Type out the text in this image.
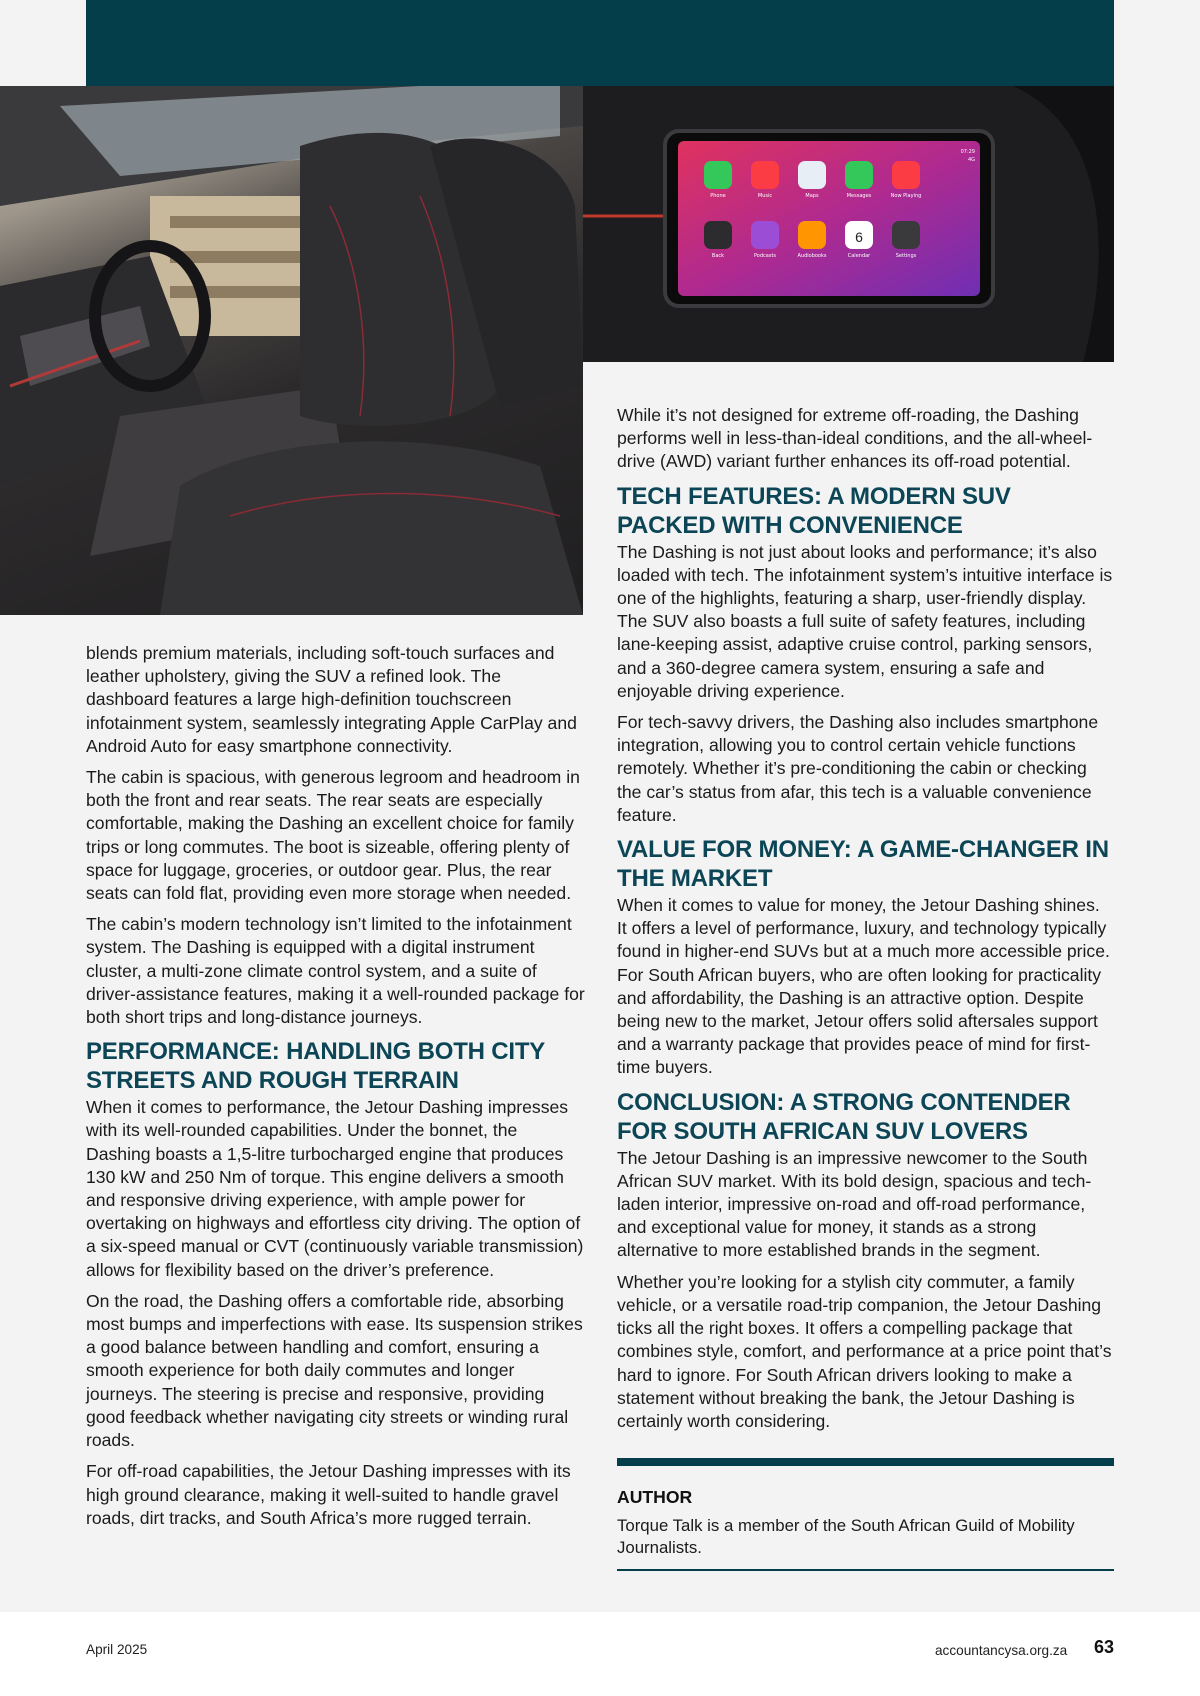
Phone	Music	Maps	Messages	Now Playing
Back	Podcasts	Audiobooks	Calendar	Settings
6
07:29
4G

blends premium materials, including soft-touch surfaces and leather upholstery, giving the SUV a refined look. The dashboard features a large high-definition touchscreen infotainment system, seamlessly integrating Apple CarPlay and Android Auto for easy smartphone connectivity.

The cabin is spacious, with generous legroom and headroom in both the front and rear seats. The rear seats are especially comfortable, making the Dashing an excellent choice for family trips or long commutes. The boot is sizeable, offering plenty of space for luggage, groceries, or outdoor gear. Plus, the rear seats can fold flat, providing even more storage when needed.

The cabin’s modern technology isn’t limited to the infotainment system. The Dashing is equipped with a digital instrument cluster, a multi-zone climate control system, and a suite of driver-assistance features, making it a well-rounded package for both short trips and long-distance journeys.

PERFORMANCE: HANDLING BOTH CITY STREETS AND ROUGH TERRAIN

When it comes to performance, the Jetour Dashing impresses with its well-rounded capabilities. Under the bonnet, the Dashing boasts a 1,5-litre turbocharged engine that produces 130 kW and 250 Nm of torque. This engine delivers a smooth and responsive driving experience, with ample power for overtaking on highways and effortless city driving. The option of a six-speed manual or CVT (continuously variable transmission) allows for flexibility based on the driver’s preference.

On the road, the Dashing offers a comfortable ride, absorbing most bumps and imperfections with ease. Its suspension strikes a good balance between handling and comfort, ensuring a smooth experience for both daily commutes and longer journeys. The steering is precise and responsive, providing good feedback whether navigating city streets or winding rural roads.

For off-road capabilities, the Jetour Dashing impresses with its high ground clearance, making it well-suited to handle gravel roads, dirt tracks, and South Africa’s more rugged terrain.

While it’s not designed for extreme off-roading, the Dashing performs well in less-than-ideal conditions, and the all-wheel-drive (AWD) variant further enhances its off-road potential.

TECH FEATURES: A MODERN SUV PACKED WITH CONVENIENCE

The Dashing is not just about looks and performance; it’s also loaded with tech. The infotainment system’s intuitive interface is one of the highlights, featuring a sharp, user-friendly display. The SUV also boasts a full suite of safety features, including lane-keeping assist, adaptive cruise control, parking sensors, and a 360-degree camera system, ensuring a safe and enjoyable driving experience.

For tech-savvy drivers, the Dashing also includes smartphone integration, allowing you to control certain vehicle functions remotely. Whether it’s pre-conditioning the cabin or checking the car’s status from afar, this tech is a valuable convenience feature.

VALUE FOR MONEY: A GAME-CHANGER IN THE MARKET

When it comes to value for money, the Jetour Dashing shines. It offers a level of performance, luxury, and technology typically found in higher-end SUVs but at a much more accessible price. For South African buyers, who are often looking for practicality and affordability, the Dashing is an attractive option. Despite being new to the market, Jetour offers solid aftersales support and a warranty package that provides peace of mind for first-time buyers.

CONCLUSION: A STRONG CONTENDER FOR SOUTH AFRICAN SUV LOVERS

The Jetour Dashing is an impressive newcomer to the South African SUV market. With its bold design, spacious and tech-laden interior, impressive on-road and off-road performance, and exceptional value for money, it stands as a strong alternative to more established brands in the segment.

Whether you’re looking for a stylish city commuter, a family vehicle, or a versatile road-trip companion, the Jetour Dashing ticks all the right boxes. It offers a compelling package that combines style, comfort, and performance at a price point that’s hard to ignore. For South African drivers looking to make a statement without breaking the bank, the Jetour Dashing is certainly worth considering.

AUTHOR
Torque Talk is a member of the South African Guild of Mobility Journalists.
April 2025	accountancysa.org.za 63
